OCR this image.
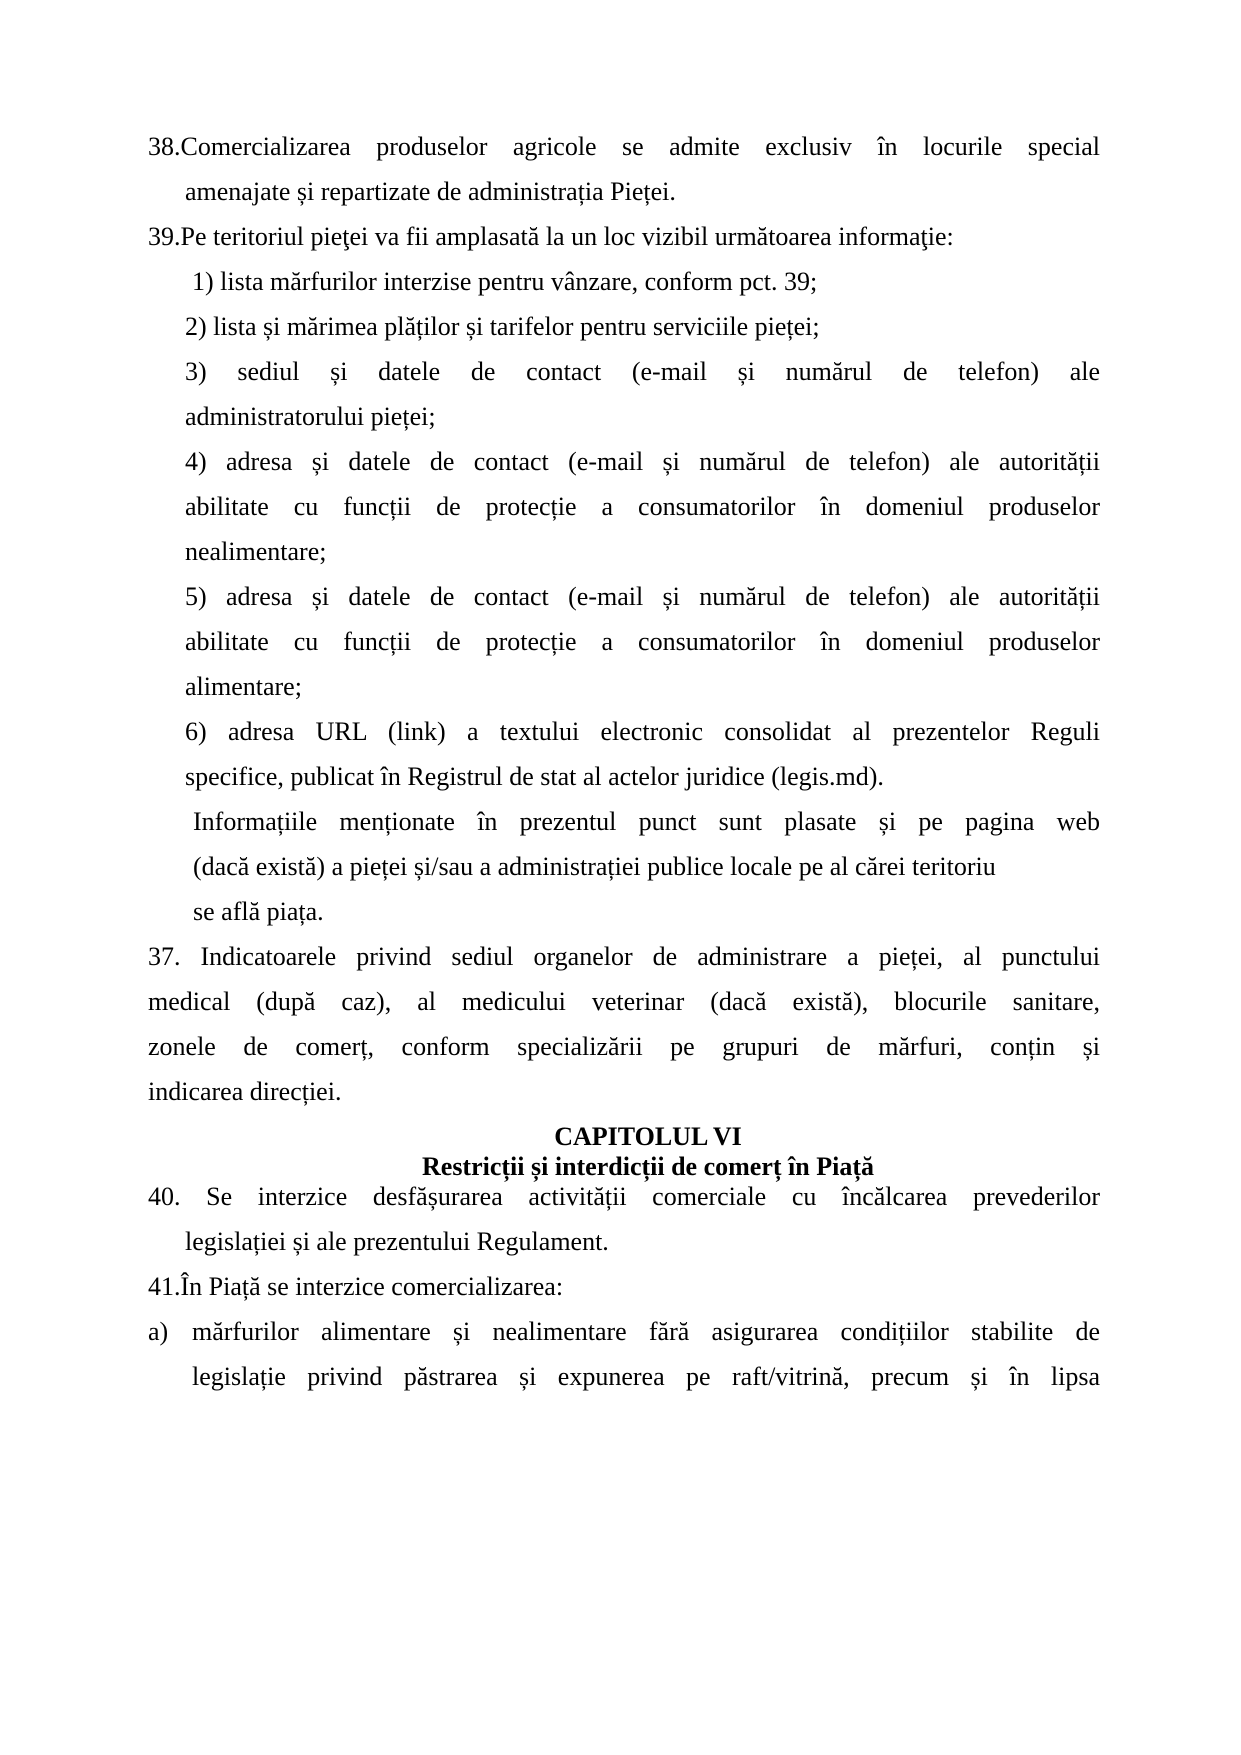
38.Comercializarea produselor agricole se admite exclusiv în locurile special
amenajate și repartizate de administrația Pieței.
39.Pe teritoriul pieţei va fii amplasată la un loc vizibil următoarea informaţie:
1) lista mărfurilor interzise pentru vânzare, conform pct. 39;
2) lista și mărimea plăților și tarifelor pentru serviciile pieței;
3) sediul și datele de contact (e-mail și numărul de telefon) ale
administratorului pieței;
4) adresa și datele de contact (e-mail și numărul de telefon) ale autorității
abilitate cu funcții de protecție a consumatorilor în domeniul produselor
nealimentare;
5) adresa și datele de contact (e-mail și numărul de telefon) ale autorității
abilitate cu funcții de protecție a consumatorilor în domeniul produselor
alimentare;
6) adresa URL (link) a textului electronic consolidat al prezentelor Reguli
specifice, publicat în Registrul de stat al actelor juridice (legis.md).
Informațiile menționate în prezentul punct sunt plasate și pe pagina web
(dacă există) a pieței și/sau a administrației publice locale pe al cărei teritoriu
se află piața.
37. Indicatoarele privind sediul organelor de administrare a pieței, al punctului
medical (după caz), al medicului veterinar (dacă există), blocurile sanitare,
zonele de comerț, conform specializării pe grupuri de mărfuri, conțin și
indicarea direcției.
CAPITOLUL VI
Restricții și interdicții de comerț în Piață
40. Se interzice desfășurarea activității comerciale cu încălcarea prevederilor
legislației și ale prezentului Regulament.
41.În Piață se interzice comercializarea:
a) mărfurilor alimentare și nealimentare fără asigurarea condițiilor stabilite de
legislație privind păstrarea și expunerea pe raft/vitrină, precum și în lipsa
